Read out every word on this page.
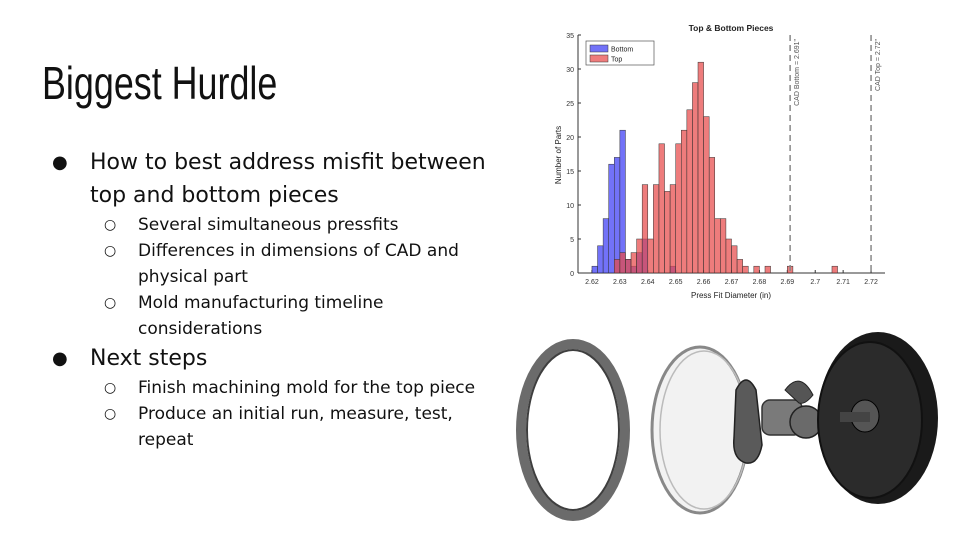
Biggest Hurdle
● How to best address misfit between top and bottom pieces
○ Several simultaneous pressfits
○ Differences in dimensions of CAD and physical part
○ Mold manufacturing timeline considerations
● Next steps
○ Finish machining mold for the top piece
○ Produce an initial run, measure, test, repeat
Top & Bottom Pieces
Press Fit Diameter (in)
Number of Parts
0
5
10
15
20
25
30
35
2.62 2.63 2.64 2.65 2.66 2.67 2.68 2.69 2.7 2.71 2.72
CAD Bottom = 2.691"	CAD Top = 2.72"
Bottom
Top
